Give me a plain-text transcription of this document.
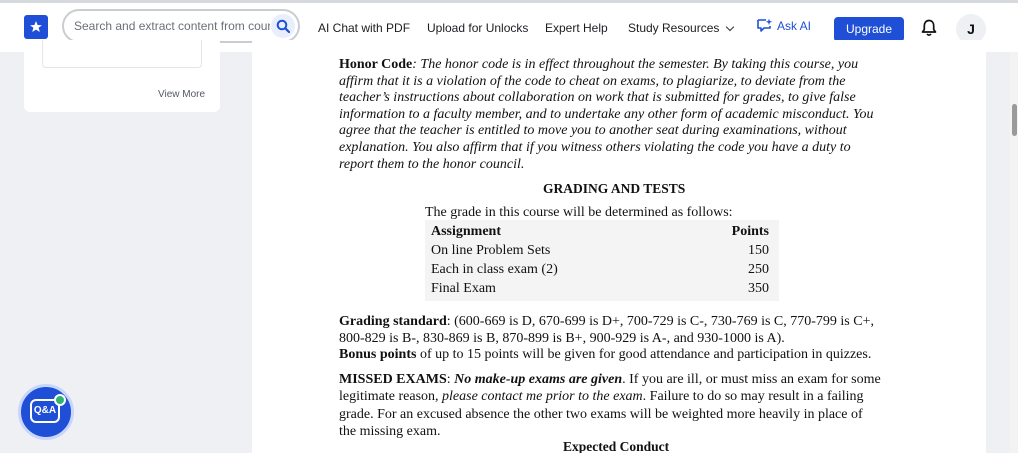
Search and extract content from course
AI Chat with PDF Upload for Unlocks Expert Help Study Resources	Ask AI	Upgrade	J
View More
Honor Code: The honor code is in effect throughout the semester. By taking this course, you
affirm that it is a violation of the code to cheat on exams, to plagiarize, to deviate from the
teacher’s instructions about collaboration on work that is submitted for grades, to give false
information to a faculty member, and to undertake any other form of academic misconduct. You
agree that the teacher is entitled to move you to another seat during examinations, without
explanation. You also affirm that if you witness others violating the code you have a duty to
report them to the honor council.
GRADING AND TESTS
The grade in this course will be determined as follows:
Assignment	Points
On line Problem Sets	150
Each in class exam (2)	250
Final Exam	350
Grading standard: (600-669 is D, 670-699 is D+, 700-729 is C-, 730-769 is C, 770-799 is C+,
800-829 is B-, 830-869 is B, 870-899 is B+, 900-929 is A-, and 930-1000 is A).
Bonus points of up to 15 points will be given for good attendance and participation in quizzes.
MISSED EXAMS: No make-up exams are given. If you are ill, or must miss an exam for some
legitimate reason, please contact me prior to the exam. Failure to do so may result in a failing
grade. For an excused absence the other two exams will be weighted more heavily in place of
the missing exam.
Expected Conduct
Q&A
